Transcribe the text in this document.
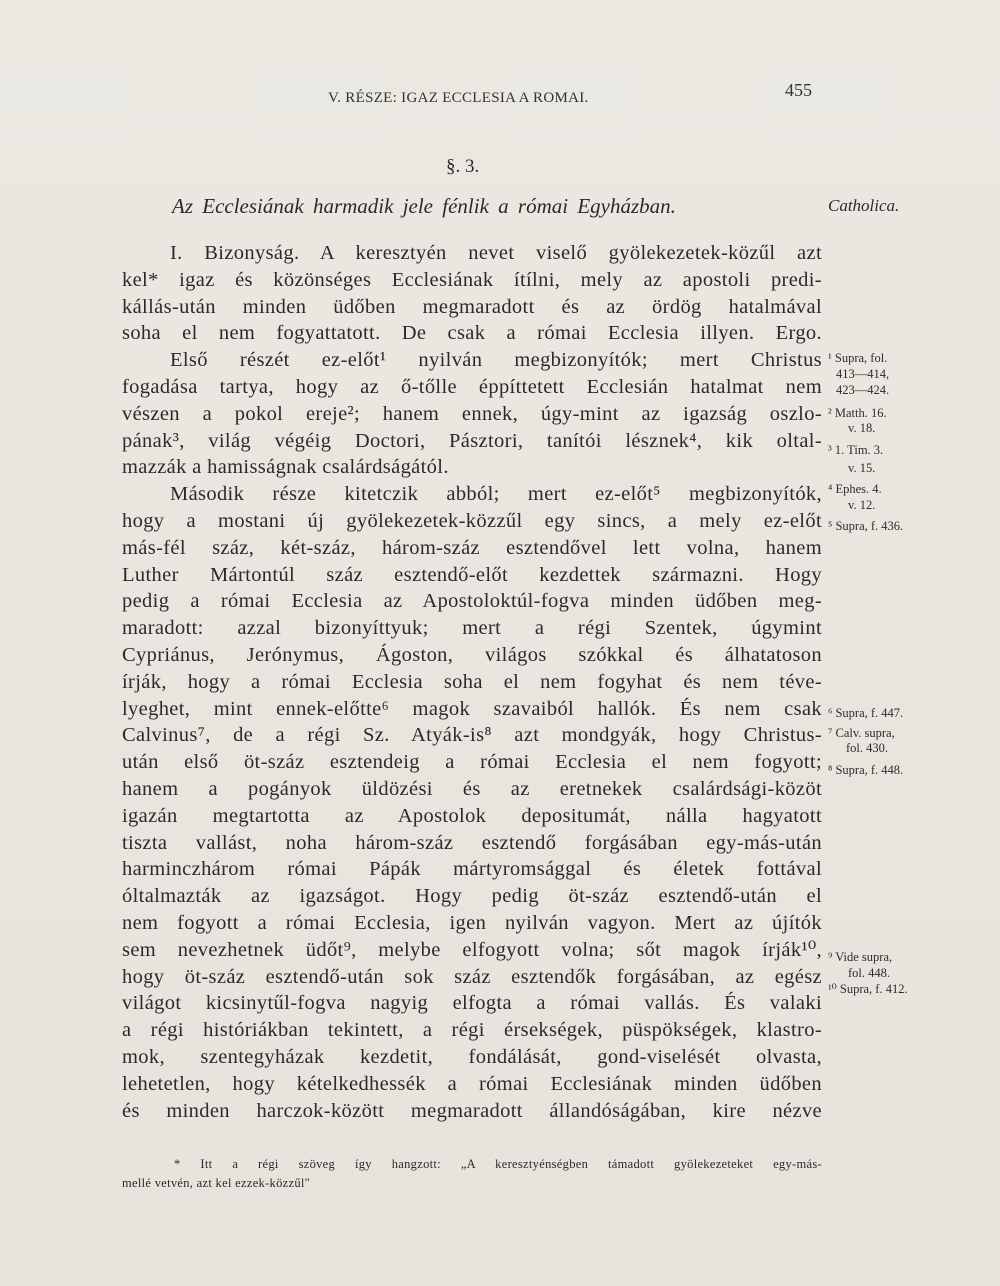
V. RÉSZE: IGAZ ECCLESIA A ROMAI.	455
§. 3.
Az Ecclesiának harmadik jele fénlik a római Egyházban.	Catholica.
I. Bizonyság. A keresztyén nevet viselő gyölekezetek-közűl azt
kel* igaz és közönséges Ecclesiának ítílni, mely az apostoli predi-
kállás-után minden üdőben megmaradott és az ördög hatalmával
soha el nem fogyattatott. De csak a római Ecclesia illyen. Ergo.
Első részét ez-előt¹ nyilván megbizonyítók; mert Christus
fogadása tartya, hogy az ő-tőlle éppíttetett Ecclesián hatalmat nem
vészen a pokol ereje²; hanem ennek, úgy-mint az igazság oszlo-
pának³, világ végéig Doctori, Pásztori, tanítói lésznek⁴, kik oltal-
mazzák a hamisságnak csalárdságától.
Második része kitetczik abból; mert ez-előt⁵ megbizonyítók,
hogy a mostani új gyölekezetek-közzűl egy sincs, a mely ez-előt
más-fél száz, két-száz, három-száz esztendővel lett volna, hanem
Luther Mártontúl száz esztendő-előt kezdettek származni. Hogy
pedig a római Ecclesia az Apostoloktúl-fogva minden üdőben meg-
maradott: azzal bizonyíttyuk; mert a régi Szentek, úgymint
Cypriánus, Jerónymus, Ágoston, világos szókkal és álhatatoson
írják, hogy a római Ecclesia soha el nem fogyhat és nem téve-
lyeghet, mint ennek-előtte⁶ magok szavaiból hallók. És nem csak
Calvinus⁷, de a régi Sz. Atyák-is⁸ azt mondgyák, hogy Christus-
után első öt-száz esztendeig a római Ecclesia el nem fogyott;
hanem a pogányok üldözési és az eretnekek csalárdsági-közöt
igazán megtartotta az Apostolok depositumát, nálla hagyatott
tiszta vallást, noha három-száz esztendő forgásában egy-más-után
harminczhárom római Pápák mártyromsággal és életek fottával
óltalmazták az igazságot. Hogy pedig öt-száz esztendő-után el
nem fogyott a római Ecclesia, igen nyilván vagyon. Mert az újítók
sem nevezhetnek üdőt⁹, melybe elfogyott volna; sőt magok írják¹⁰,
hogy öt-száz esztendő-után sok száz esztendők forgásában, az egész
világot kicsinytűl-fogva nagyig elfogta a római vallás. És valaki
a régi históriákban tekintett, a régi érsekségek, püspökségek, klastro-
mok, szentegyházak kezdetit, fondálását, gond-viselését olvasta,
lehetetlen, hogy kételkedhessék a római Ecclesiának minden üdőben
és minden harczok-között megmaradott állandóságában, kire nézve
¹ Supra, fol.
413—414,
423—424.
² Matth. 16.
v. 18.
³ 1. Tim. 3.
v. 15.
⁴ Ephes. 4.
v. 12.
⁵ Supra, f. 436.
⁶ Supra, f. 447.
⁷ Calv. supra,
fol. 430.
⁸ Supra, f. 448.
⁹ Vide supra,
fol. 448.
¹⁰ Supra, f. 412.
* Itt a régi szöveg így hangzott: „A keresztyénségben támadott gyölekezeteket egy-más-
mellé vetvén, azt kel ezzek-közzűl"
